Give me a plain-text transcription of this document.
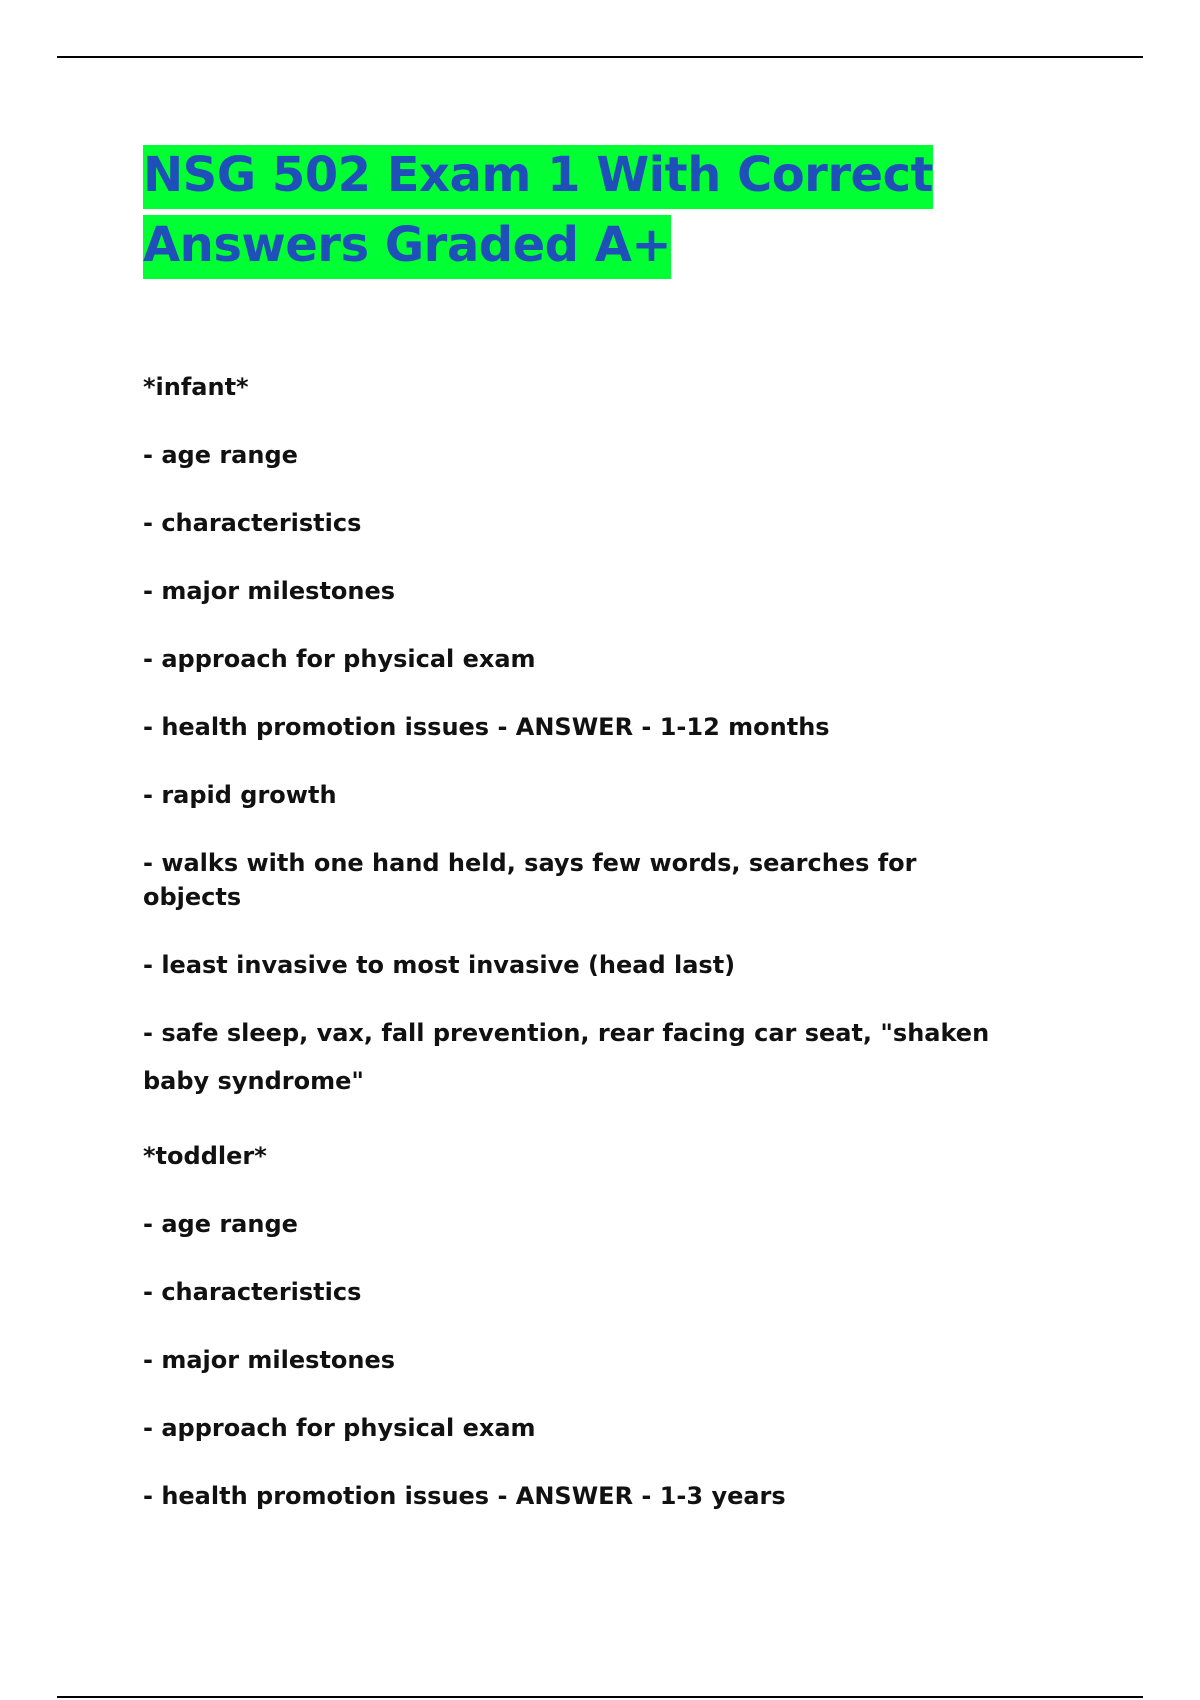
NSG 502 Exam 1 With Correct Answers Graded A+

*infant*

- age range

- characteristics

- major milestones

- approach for physical exam

- health promotion issues - ANSWER - 1-12 months

- rapid growth

- walks with one hand held, says few words, searches for objects

- least invasive to most invasive (head last)

- safe sleep, vax, fall prevention, rear facing car seat, "shaken baby syndrome"

*toddler*

- age range

- characteristics

- major milestones

- approach for physical exam

- health promotion issues - ANSWER - 1-3 years
